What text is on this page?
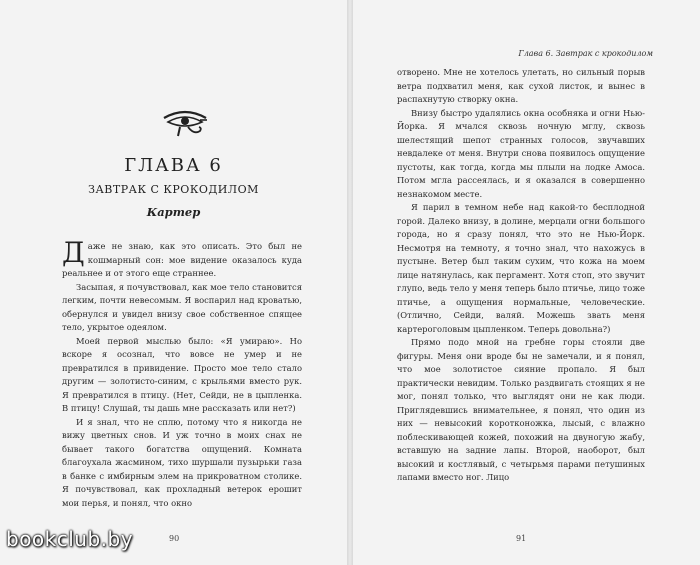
ГЛАВА 6
ЗАВТРАК С КРОКОДИЛОМ
Картер

Даже не знаю, как это описать. Это был не кошмарный сон: мое видение оказалось куда реальнее и от этого еще страннее.

Засыпая, я почувствовал, как мое тело становится легким, почти невесомым. Я воспарил над кроватью, обернулся и увидел внизу свое собственное спящее тело, укрытое одеялом.

Моей первой мыслью было: «Я умираю». Но вскоре я осознал, что вовсе не умер и не превратился в привидение. Просто мое тело стало другим — золотисто-синим, с крыльями вместо рук. Я превратился в птицу. (Нет, Сейди, не в цыпленка. В птицу! Слушай, ты дашь мне рассказать или нет?)

И я знал, что не сплю, потому что я никогда не вижу цветных снов. И уж точно в моих снах не бывает такого богатства ощущений. Комната благоухала жасмином, тихо шуршали пузырьки газа в банке с имбирным элем на прикроватном столике. Я почувствовал, как прохладный ветерок ерошит мои перья, и понял, что окно

90
Глава 6. Завтрак с крокодилом

отворено. Мне не хотелось улетать, но сильный порыв ветра подхватил меня, как сухой листок, и вынес в распахнутую створку окна.

Внизу быстро удалялись окна особняка и огни Нью-Йорка. Я мчался сквозь ночную мглу, сквозь шелестящий шепот странных голосов, звучавших невдалеке от меня. Внутри снова появилось ощущение пустоты, как тогда, когда мы плыли на лодке Амоса. Потом мгла рассеялась, и я оказался в совершенно незнакомом месте.

Я парил в темном небе над какой-то бесплодной горой. Далеко внизу, в долине, мерцали огни большого города, но я сразу понял, что это не Нью-Йорк. Несмотря на темноту, я точно знал, что нахожусь в пустыне. Ветер был таким сухим, что кожа на моем лице натянулась, как пергамент. Хотя стоп, это звучит глупо, ведь тело у меня теперь было птичье, лицо тоже птичье, а ощущения нормальные, человеческие. (Отлично, Сейди, валяй. Можешь звать меня картероголовым цыпленком. Теперь довольна?)

Прямо подо мной на гребне горы стояли две фигуры. Меня они вроде бы не замечали, и я понял, что мое золотистое сияние пропало. Я был практически невидим. Только раздвигать стоящих я не мог, понял только, что выглядят они не как люди. Приглядевшись внимательнее, я понял, что один из них — невысокий коротконожка, лысый, с влажно поблескивающей кожей, похожий на двуногую жабу, вставшую на задние лапы. Второй, наоборот, был высокий и костлявый, с четырьмя парами петушиных лапами вместо ног. Лицо

91
bookclub.by
